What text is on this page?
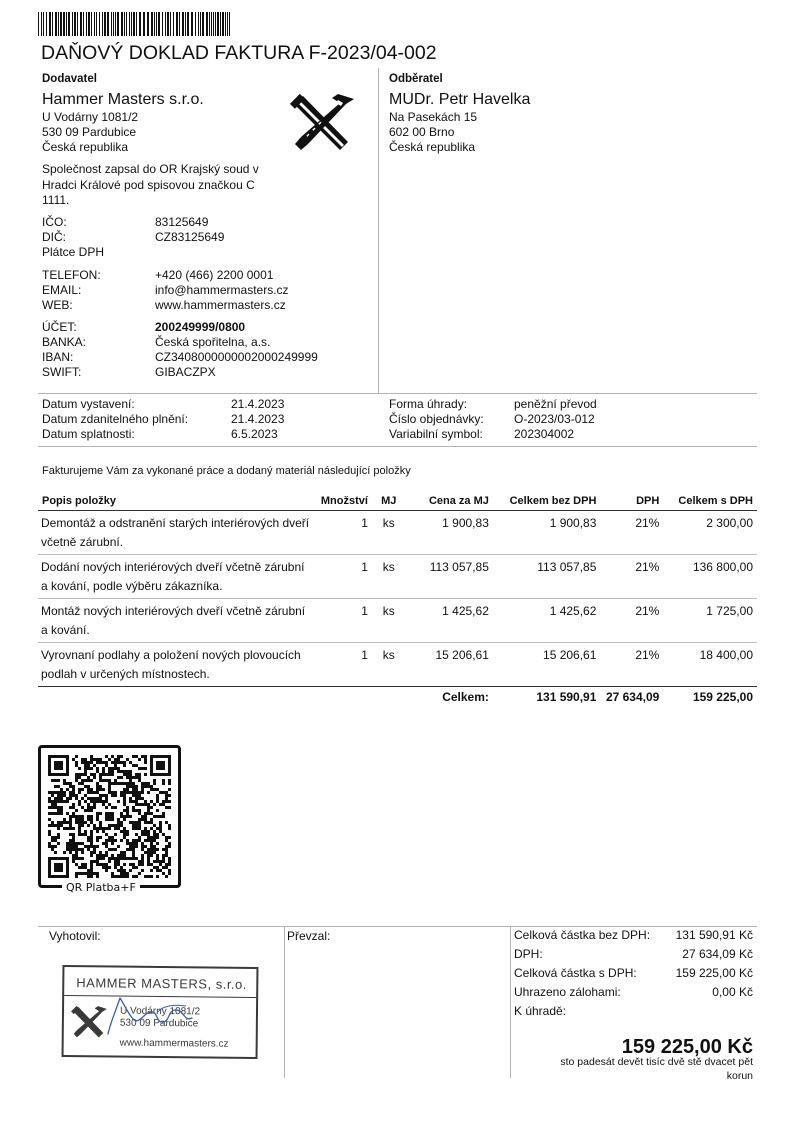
DAŇOVÝ DOKLAD FAKTURA F-2023/04-002
Dodavatel
Hammer Masters s.r.o.
U Vodárny 1081/2
530 09 Pardubice
Česká republika
Společnost zapsal do OR Krajský soud v Hradci Králové pod spisovou značkou C 1111.
IČO:	83125649
DIČ:	CZ83125649
Plátce DPH
TELEFON:	+420 (466) 2200 0001
EMAIL:	info@hammermasters.cz
WEB:	www.hammermasters.cz
ÚČET:	200249999/0800
BANKA:	Česká spořitelna, a.s.
IBAN:	CZ3408000000002000249999
SWIFT:	GIBACZPX
Odběratel
MUDr. Petr Havelka
Na Pasekách 15
602 00 Brno
Česká republika
Datum vystavení:	21.4.2023
Datum zdanitelného plnění:	21.4.2023
Datum splatnosti:	6.5.2023
Forma úhrady:	peněžní převod
Číslo objednávky:	O-2023/03-012
Variabilní symbol:	202304002
Fakturujeme Vám za vykonané práce a dodaný materiál následující položky
Popis položky	Množství	MJ	Cena za MJ	Celkem bez DPH	DPH	Celkem s DPH
Demontáž a odstranění starých interiérových dveří včetně zárubní.	1	ks	1 900,83	1 900,83	21%	2 300,00
Dodání nových interiérových dveří včetně zárubní a kování, podle výběru zákazníka.	1	ks	113 057,85	113 057,85	21%	136 800,00
Montáž nových interiérových dveří včetně zárubní a kování.	1	ks	1 425,62	1 425,62	21%	1 725,00
Vyrovnaní podlahy a položení nových plovoucích podlah v určených místnostech.	1	ks	15 206,61	15 206,61	21%	18 400,00
			Celkem:	131 590,91	27 634,09	159 225,00
QR Platba+F
Vyhotovil:	Převzal:
HAMMER MASTERS, s.r.o.
U Vodárny 1081/2
530 09 Pardubice
www.hammermasters.cz
Celková částka bez DPH: 131 590,91 Kč
DPH:	27 634,09 Kč
Celková částka s DPH:	159 225,00 Kč
Uhrazeno zálohami:	0,00 Kč
K úhradě:
159 225,00 Kč
sto padesát devět tisíc dvě stě dvacet pět korun
